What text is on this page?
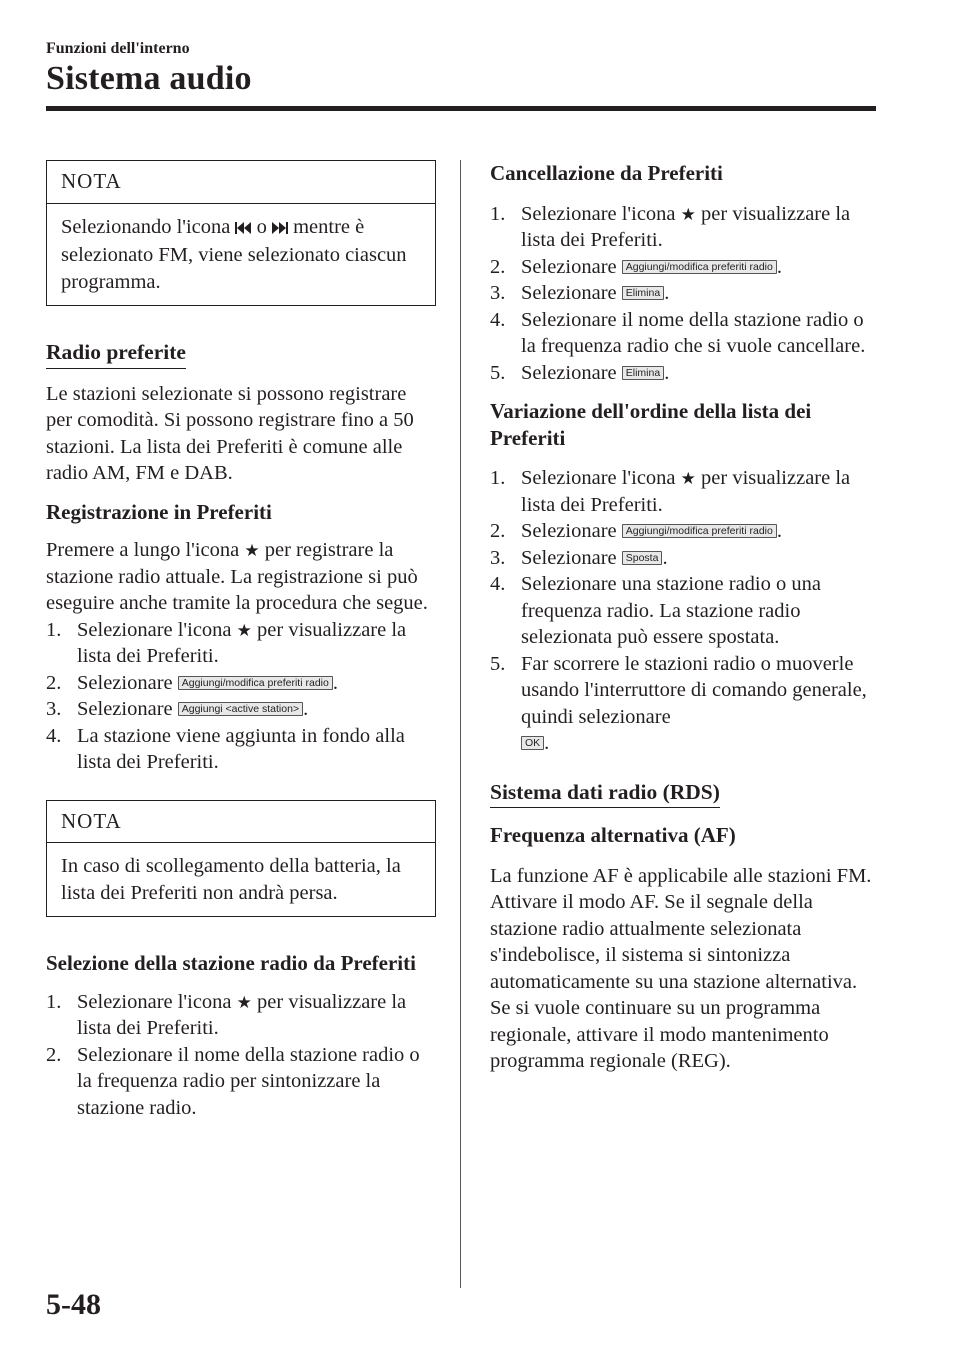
Funzioni dell'interno
Sistema audio
NOTA
Selezionando l'icona o mentre è selezionato FM, viene selezionato ciascun programma.
Radio preferite

Le stazioni selezionate si possono registrare per comodità. Si possono registrare fino a 50 stazioni. La lista dei Preferiti è comune alle radio AM, FM e DAB.

Registrazione in Preferiti

Premere a lungo l'icona ★ per registrare la stazione radio attuale. La registrazione si può eseguire anche tramite la procedura che segue.

1. Selezionare l'icona ★ per visualizzare la lista dei Preferiti.
2. Selezionare Aggiungi/modifica preferiti radio .
3. Selezionare Aggiungi <active station> .
4. La stazione viene aggiunta in fondo alla lista dei Preferiti.
NOTA
In caso di scollegamento della batteria, la lista dei Preferiti non andrà persa.

Selezione della stazione radio da Preferiti

1. Selezionare l'icona ★ per visualizzare la lista dei Preferiti.
2. Selezionare il nome della stazione radio o la frequenza radio per sintonizzare la stazione radio.

Cancellazione da Preferiti

1. Selezionare l'icona ★ per visualizzare la lista dei Preferiti.
2. Selezionare Aggiungi/modifica preferiti radio .
3. Selezionare Elimina .
4. Selezionare il nome della stazione radio o la frequenza radio che si vuole cancellare.
5. Selezionare Elimina .

Variazione dell'ordine della lista dei Preferiti

1. Selezionare l'icona ★ per visualizzare la lista dei Preferiti.
2. Selezionare Aggiungi/modifica preferiti radio .
3. Selezionare Sposta .
4. Selezionare una stazione radio o una frequenza radio. La stazione radio selezionata può essere spostata.
5. Far scorrere le stazioni radio o muoverle usando l'interruttore di comando generale, quindi selezionare
OK .
Sistema dati radio (RDS)

Frequenza alternativa (AF)

La funzione AF è applicabile alle stazioni FM. Attivare il modo AF. Se il segnale della stazione radio attualmente selezionata s'indebolisce, il sistema si sintonizza automaticamente su una stazione alternativa.

Se si vuole continuare su un programma regionale, attivare il modo mantenimento programma regionale (REG).

5-48
